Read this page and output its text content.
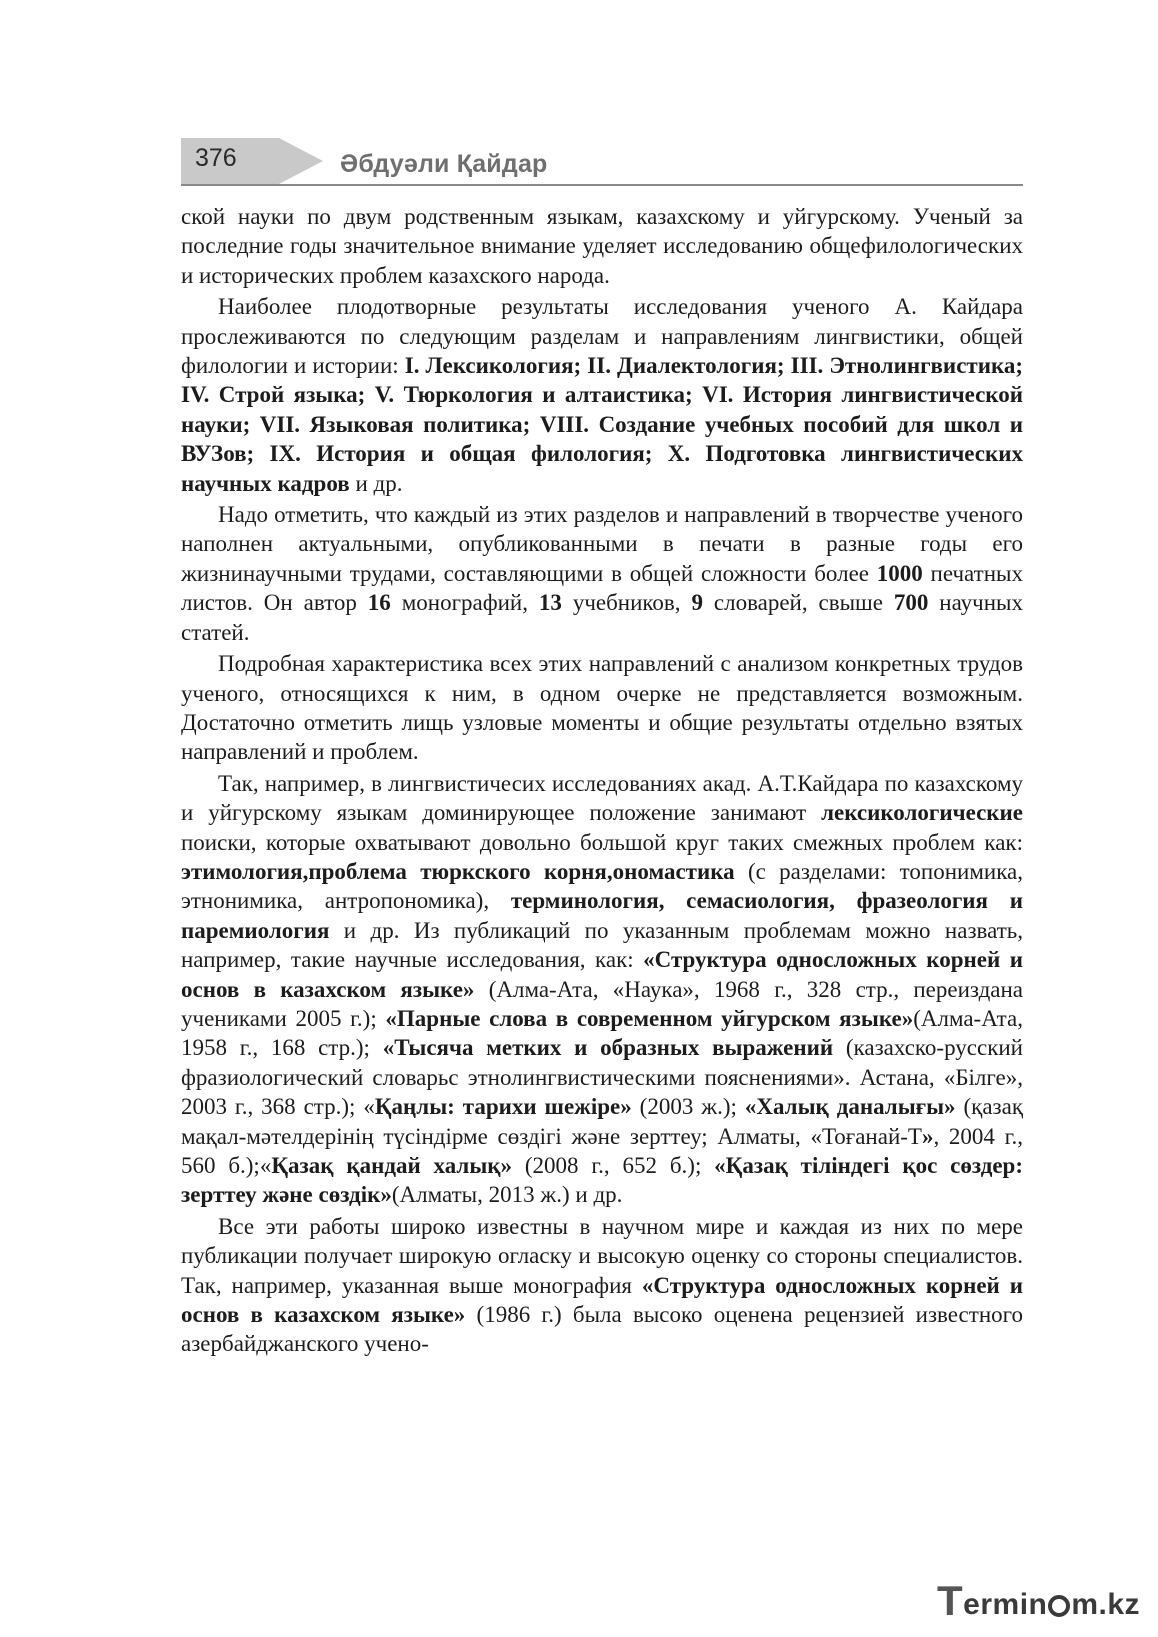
376	Әбдуәли Қайдар

ской науки по двум родственным языкам, казахскому и уйгурскому. Ученый за последние годы значительное внимание уделяет исследованию общефилологических и исторических проблем казахского народа.

Наиболее плодотворные результаты исследования ученого А. Кайдара прослеживаются по следующим разделам и направлениям лингвистики, общей филологии и истории: I. Лексикология; II. Диалектология; III. Этнолингвистика; IV. Строй языка; V. Тюркология и алтаистика; VI. История лингвистической науки; VII. Языковая политика; VIII. Создание учебных пособий для школ и ВУЗов; IX. История и общая филология; X. Подготовка лингвистических научных кадров и др.

Надо отметить, что каждый из этих разделов и направлений в творчестве ученого наполнен актуальными, опубликованными в печати в разные годы его жизнинаучными трудами, составляющими в общей сложности более 1000 печатных листов. Он автор 16 монографий, 13 учебников, 9 словарей, свыше 700 научных статей.

Подробная характеристика всех этих направлений с анализом конкретных трудов ученого, относящихся к ним, в одном очерке не представляется возможным. Достаточно отметить лищь узловые моменты и общие результаты отдельно взятых направлений и проблем.

Так, например, в лингвистичесих исследованиях акад. А.Т.Кайдара по казахскому и уйгурскому языкам доминирующее положение занимают лексикологические поиски, которые охватывают довольно большой круг таких смежных проблем как: этимология,проблема тюркского корня,ономастика (с разделами: топонимика, этнонимика, антропономика), терминология, семасиология, фразеология и паремиология и др. Из публикаций по указанным проблемам можно назвать, например, такие научные исследования, как: «Структура односложных корней и основ в казахском языке» (Алма-Ата, «Наука», 1968 г., 328 стр., переиздана учениками 2005 г.); «Парные слова в современном уйгурском языке»(Алма-Ата, 1958 г., 168 стр.); «Тысяча метких и образных выражений (казахско-русский фразиологический словарьс этнолингвистическими пояснениями». Астана, «Білге», 2003 г., 368 стр.); «Қаңлы: тарихи шежіре» (2003 ж.); «Халық даналығы» (қазақ мақал-мәтелдерінің түсіндірме сөздігі және зерттеу; Алматы, «Тоғанай-Т», 2004 г., 560 б.);«Қазақ қандай халық» (2008 г., 652 б.); «Қазақ тіліндегі қос сөздер: зерттеу және сөздік»(Алматы, 2013 ж.) и др.

Все эти работы широко известны в научном мире и каждая из них по мере публикации получает широкую огласку и высокую оценку со стороны специалистов. Так, например, указанная выше монография «Структура односложных корней и основ в казахском языке» (1986 г.) была высоко оценена рецензией известного азербайджанского учено-

T ermin m.kz
